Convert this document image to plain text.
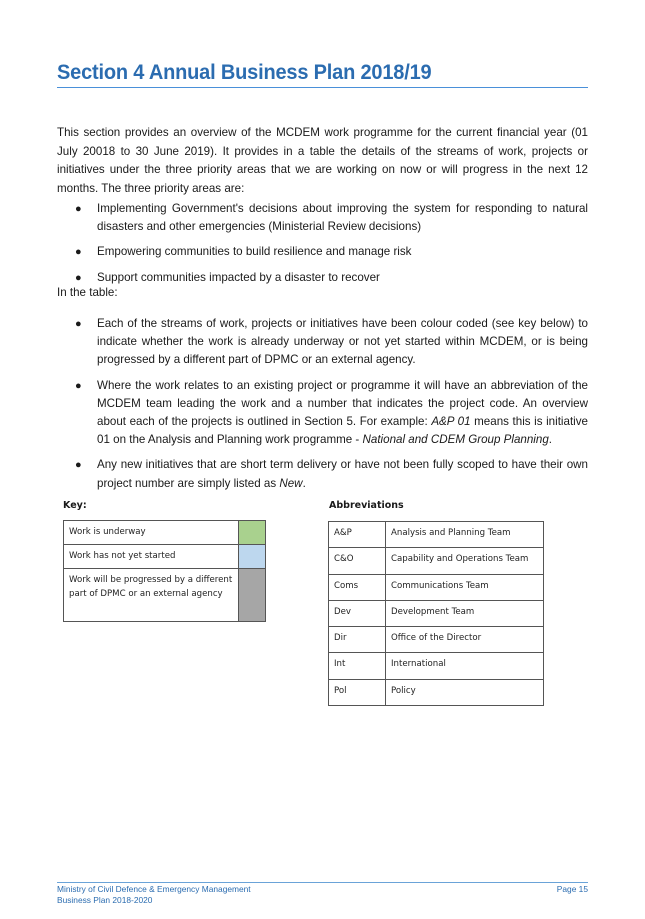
Section 4 Annual Business Plan 2018/19

This section provides an overview of the MCDEM work programme for the current financial year (01 July 20018 to 30 June 2019). It provides in a table the details of the streams of work, projects or initiatives under the three priority areas that we are working on now or will progress in the next 12 months. The three priority areas are:

● Implementing Government's decisions about improving the system for responding to natural disasters and other emergencies (Ministerial Review decisions)
● Empowering communities to build resilience and manage risk
● Support communities impacted by a disaster to recover

In the table:

● Each of the streams of work, projects or initiatives have been colour coded (see key below) to indicate whether the work is already underway or not yet started within MCDEM, or is being progressed by a different part of DPMC or an external agency.
● Where the work relates to an existing project or programme it will have an abbreviation of the MCDEM team leading the work and a number that indicates the project code. An overview about each of the projects is outlined in Section 5. For example: A&P 01 means this is initiative 01 on the Analysis and Planning work programme - National and CDEM Group Planning.
● Any new initiatives that are short term delivery or have not been fully scoped to have their own project number are simply listed as New.

Key:	Abbreviations

Work is underway	
Work has not yet started	
Work will be progressed by a different part of DPMC or an external agency	
A&P	Analysis and Planning Team
C&O	Capability and Operations Team
Coms	Communications Team
Dev	Development Team
Dir	Office of the Director
Int	International
Pol	Policy

Ministry of Civil Defence & Emergency Management

Business Plan 2018-2020

Page 15
